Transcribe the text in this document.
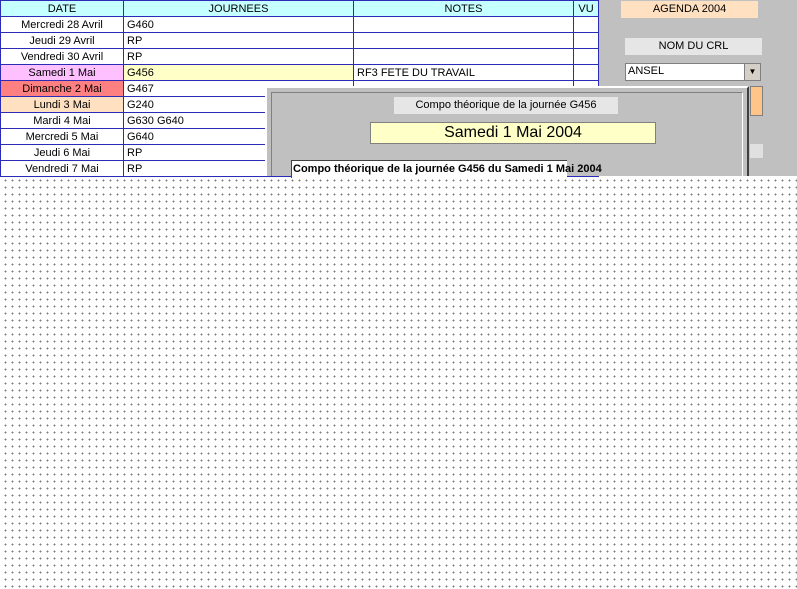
DATE	JOURNEES	NOTES	VU
Mercredi 28 Avril	G460		
Jeudi 29 Avril	RP		
Vendredi 30 Avril	RP		
Samedi 1 Mai	G456	RF3 FETE DU TRAVAIL	
Dimanche 2 Mai	G467		
Lundi 3 Mai	G240		
Mardi 4 Mai	G630 G640		
Mercredi 5 Mai	G640		
Jeudi 6 Mai	RP		
Vendredi 7 Mai	RP		
AGENDA 2004
NOM DU CRL
ANSEL	▼
Compo théorique de la journée G456
Samedi 1 Mai 2004
Compo théorique de la journée G456 du Samedi 1 Mai 2004
